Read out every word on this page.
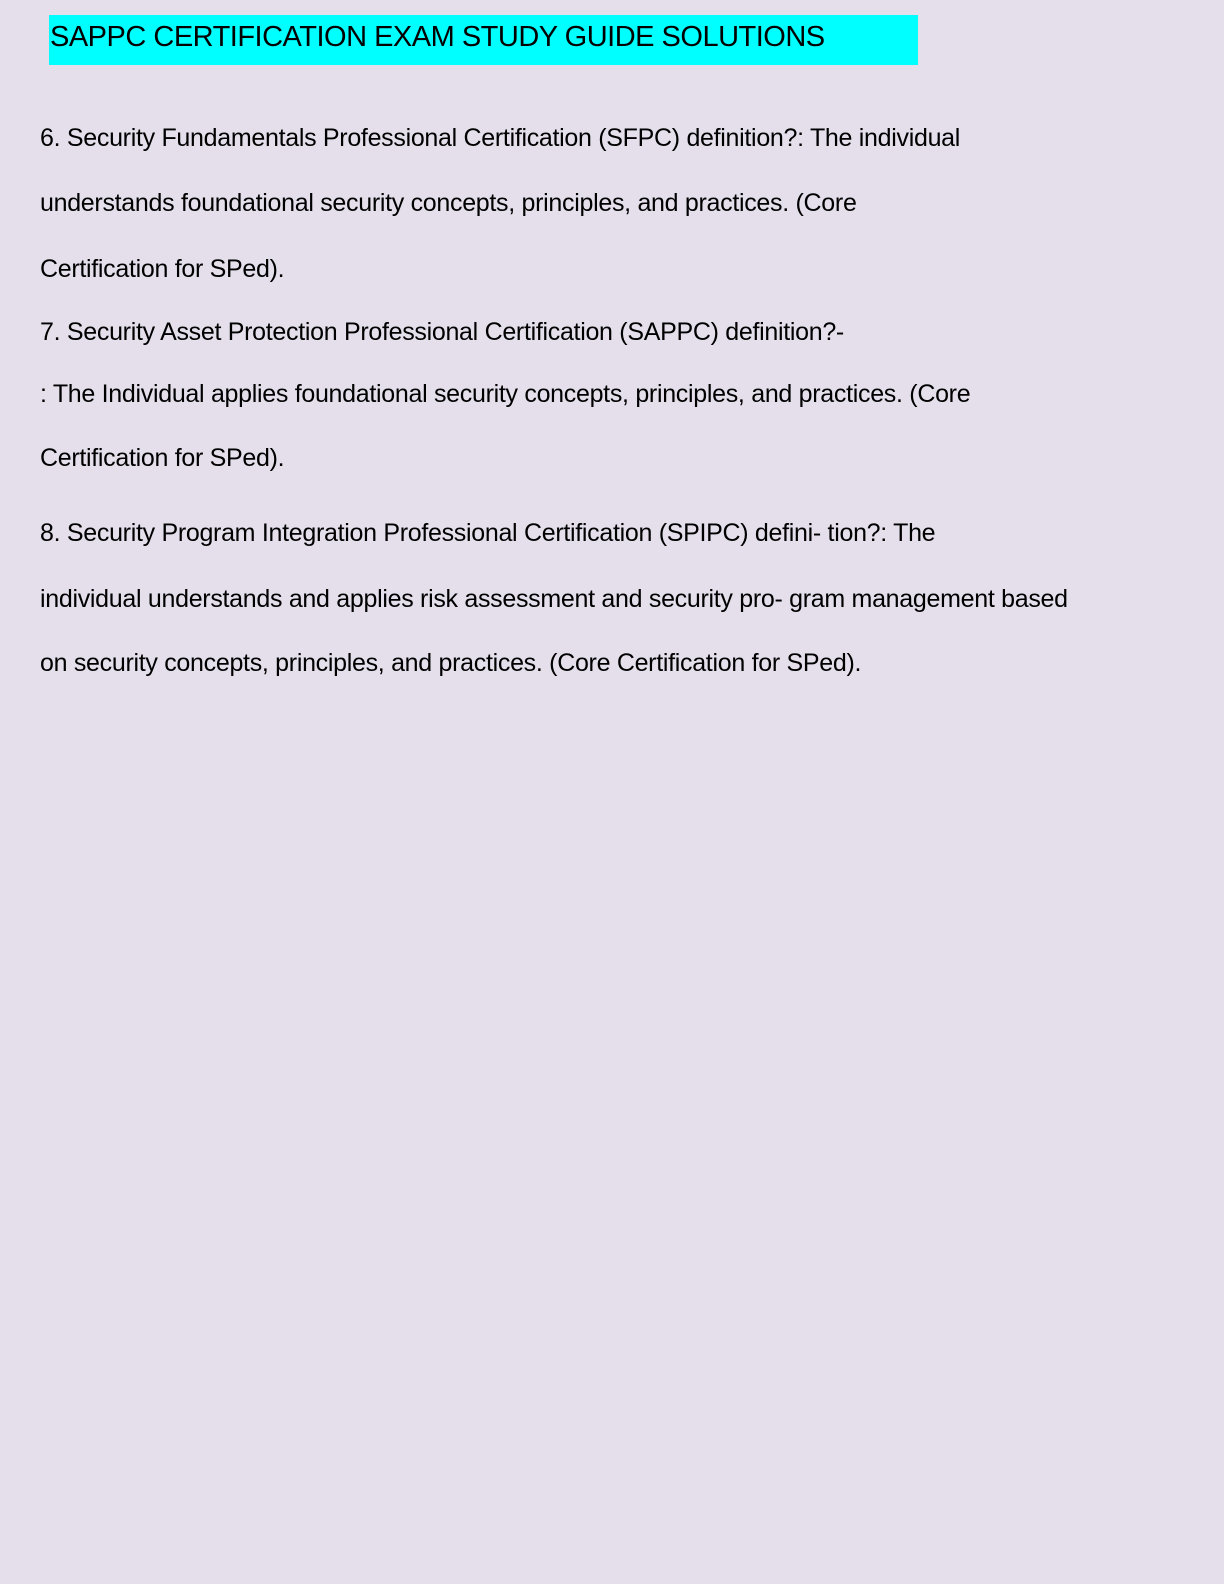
SAPPC CERTIFICATION EXAM STUDY GUIDE SOLUTIONS
6. Security Fundamentals Professional Certification (SFPC) definition?: The individual
understands foundational security concepts, principles, and practices. (Core
Certification for SPed).
7. Security Asset Protection Professional Certification (SAPPC) definition?-
: The Individual applies foundational security concepts, principles, and practices. (Core
Certification for SPed).
8. Security Program Integration Professional Certification (SPIPC) defini- tion?: The
individual understands and applies risk assessment and security pro- gram management based
on security concepts, principles, and practices. (Core Certification for SPed).
